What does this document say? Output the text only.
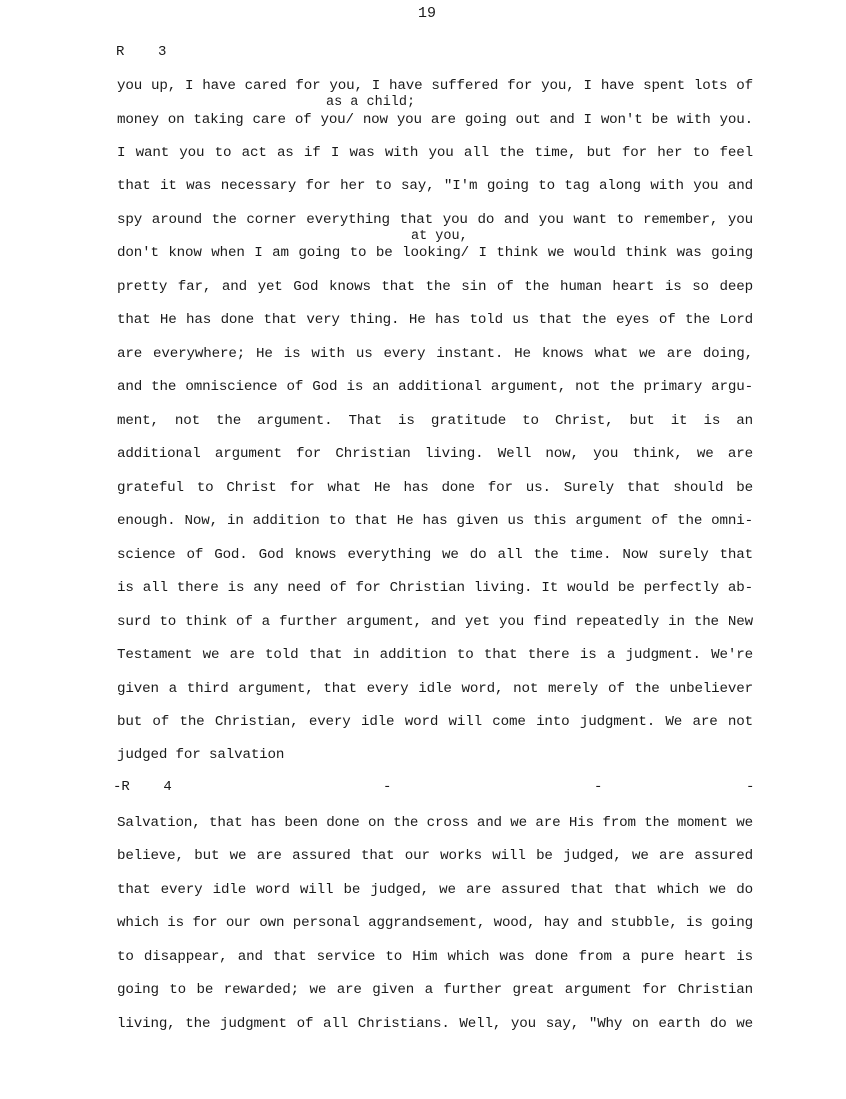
19
R    3
as a child;
at you,
you up, I have cared for you, I have suffered for you, I have spent lots of
money on taking care of you/ now you are going out and I won't be with you.
I want you to act as if I was with you all the time, but for her to feel
that it was necessary for her to say, "I'm going to tag along with you and
spy around the corner everything that you do and you want to remember, you
don't know when I am going to be looking/ I think we would think was going
pretty far, and yet God knows that the sin of the human heart is so deep
that He has done that very thing. He has told us that the eyes of the Lord
are everywhere; He is with us every instant. He knows what we are doing,
and the omniscience of God is an additional argument, not the primary argu-
ment, not the argument. That is gratitude to Christ, but it is an
additional argument for Christian living. Well now, you think, we are
grateful to Christ for what He has done for us. Surely that should be
enough. Now, in addition to that He has given us this argument of the omni-
science of God. God knows everything we do all the time. Now surely that
is all there is any need of for Christian living. It would be perfectly ab-
surd to think of a further argument, and yet you find repeatedly in the New
Testament we are told that in addition to that there is a judgment. We're
given a third argument, that every idle word, not merely of the unbeliever
but of the Christian, every idle word will come into judgment. We are not
judged for salvation
-R    4	-	-	-
Salvation, that has been done on the cross and we are His from the moment we
believe, but we are assured that our works will be judged, we are assured
that every idle word will be judged, we are assured that that which we do
which is for our own personal aggrandsement, wood, hay and stubble, is going
to disappear, and that service to Him which was done from a pure heart is
going to be rewarded; we are given a further great argument for Christian
living, the judgment of all Christians. Well, you say, "Why on earth do we
